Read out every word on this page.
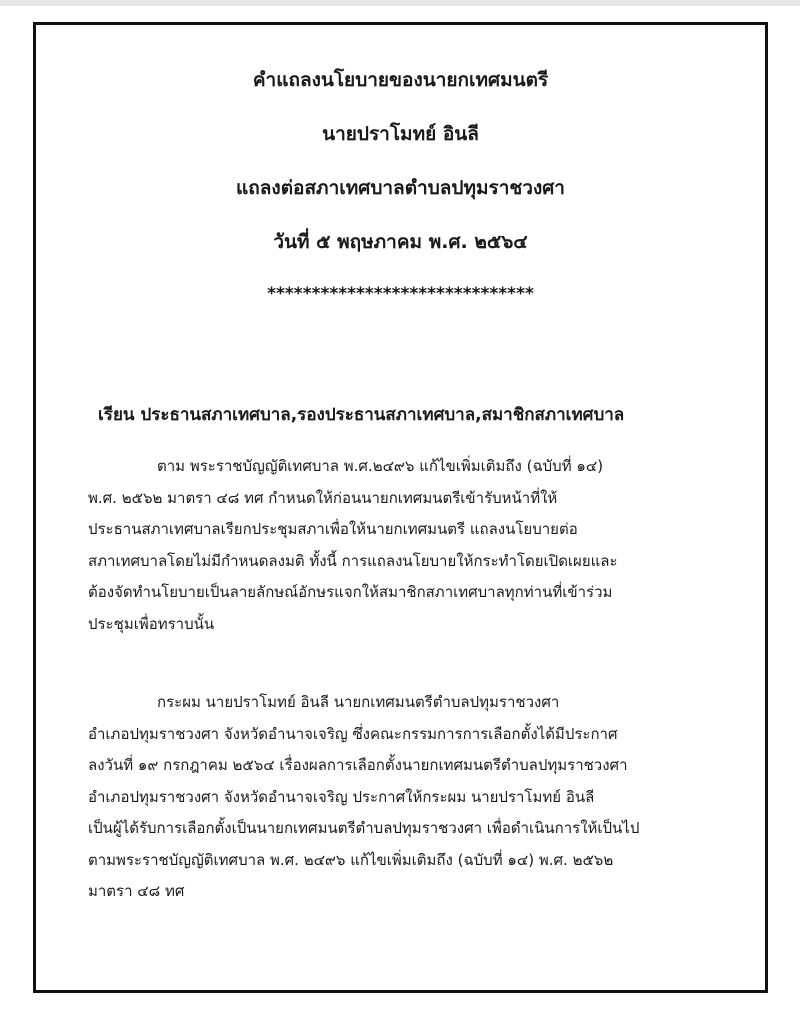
คำแถลงนโยบายของนายกเทศมนตรี
นายปราโมทย์ อินลี
แถลงต่อสภาเทศบาลตำบลปทุมราชวงศา
วันที่ ๕ พฤษภาคม พ.ศ. ๒๕๖๔
******************************
เรียน ประธานสภาเทศบาล,รองประธานสภาเทศบาล,สมาชิกสภาเทศบาล
ตาม พระราชบัญญัติเทศบาล พ.ศ.๒๔๙๖ แก้ไขเพิ่มเติมถึง (ฉบับที่ ๑๔)
พ.ศ. ๒๕๖๒ มาตรา ๔๘ ทศ กำหนดให้ก่อนนายกเทศมนตรีเข้ารับหน้าที่ให้
ประธานสภาเทศบาลเรียกประชุมสภาเพื่อให้นายกเทศมนตรี แถลงนโยบายต่อ
สภาเทศบาลโดยไม่มีกำหนดลงมติ ทั้งนี้ การแถลงนโยบายให้กระทำโดยเปิดเผยและ
ต้องจัดทำนโยบายเป็นลายลักษณ์อักษรแจกให้สมาชิกสภาเทศบาลทุกท่านที่เข้าร่วม
ประชุมเพื่อทราบนั้น
กระผม นายปราโมทย์ อินลี นายกเทศมนตรีตำบลปทุมราชวงศา
อำเภอปทุมราชวงศา จังหวัดอำนาจเจริญ ซึ่งคณะกรรมการการเลือกตั้งได้มีประกาศ
ลงวันที่ ๑๙ กรกฎาคม ๒๕๖๔ เรื่องผลการเลือกตั้งนายกเทศมนตรีตำบลปทุมราชวงศา
อำเภอปทุมราชวงศา จังหวัดอำนาจเจริญ ประกาศให้กระผม นายปราโมทย์ อินลี
เป็นผู้ได้รับการเลือกตั้งเป็นนายกเทศมนตรีตำบลปทุมราชวงศา เพื่อดำเนินการให้เป็นไป
ตามพระราชบัญญัติเทศบาล พ.ศ. ๒๔๙๖ แก้ไขเพิ่มเติมถึง (ฉบับที่ ๑๔) พ.ศ. ๒๕๖๒
มาตรา ๔๘ ทศ
